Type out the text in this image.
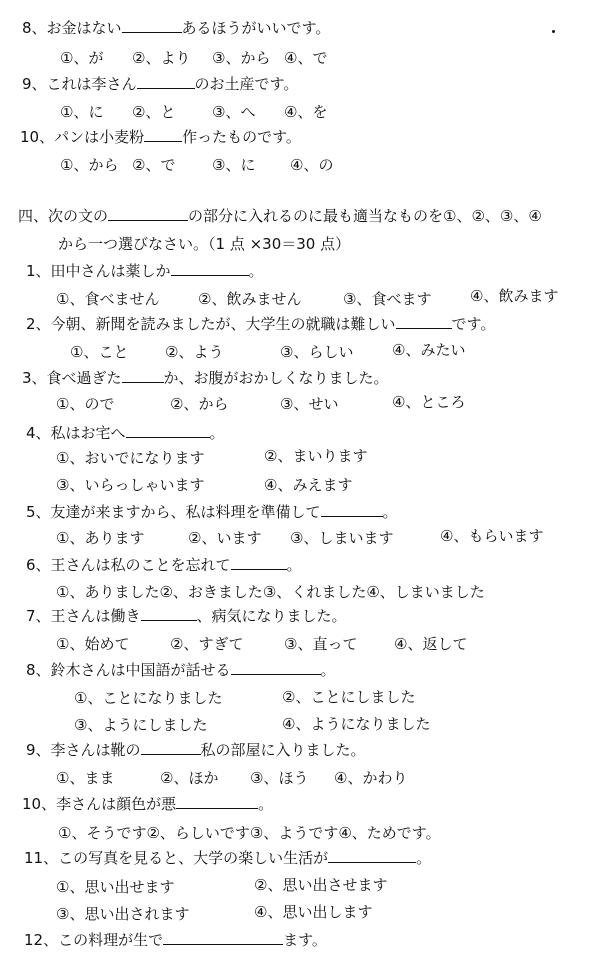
8、お金はない	あるほうがいいです。
①、が ②、より ③、から ④、で
9、これは李さん	のお土産です。
①、に ②、と ③、へ ④、を
10、パンは小麦粉	作ったものです。
①、から ②、で ③、に ④、の
四、次の文の	の部分に入れるのに最も適当なものを①、②、③、④
から一つ選びなさい。（1 点 ×30＝30 点）
1、田中さんは薬しか	。
①、食べません	②、飲みません	③、食べます	④、飲みます
2、今朝、新聞を読みましたが、大学生の就職は難しい	です。
①、こと ②、よう	③、らしい	④、みたい
3、食べ過ぎた	か、お腹がおかしくなりました。
①、ので	②、から	③、せい	④、ところ
4、私はお宅へ	。
①、おいでになります	②、まいります
③、いらっしゃいます	④、みえます
5、友達が来ますから、私は料理を準備して	。
①、あります	②、います ③、しまいます	④、もらいます
6、王さんは私のことを忘れて	。
①、ありました②、おきました③、くれました④、しまいました
7、王さんは働き	、病気になりました。
①、始めて	②、すぎて	③、直って ④、返して
8、鈴木さんは中国語が話せる	。
①、ことになりました	②、ことにしました
③、ようにしました	④、ようになりました
9、李さんは靴の	私の部屋に入りました。
①、まま	②、ほか ③、ほう ④、かわり
10、李さんは顔色が悪	。
①、そうです②、らしいです③、ようです④、ためです。
11、この写真を見ると、大学の楽しい生活が	。
①、思い出せます	②、思い出させます
③、思い出されます	④、思い出します
12、この料理が生で	ます。
